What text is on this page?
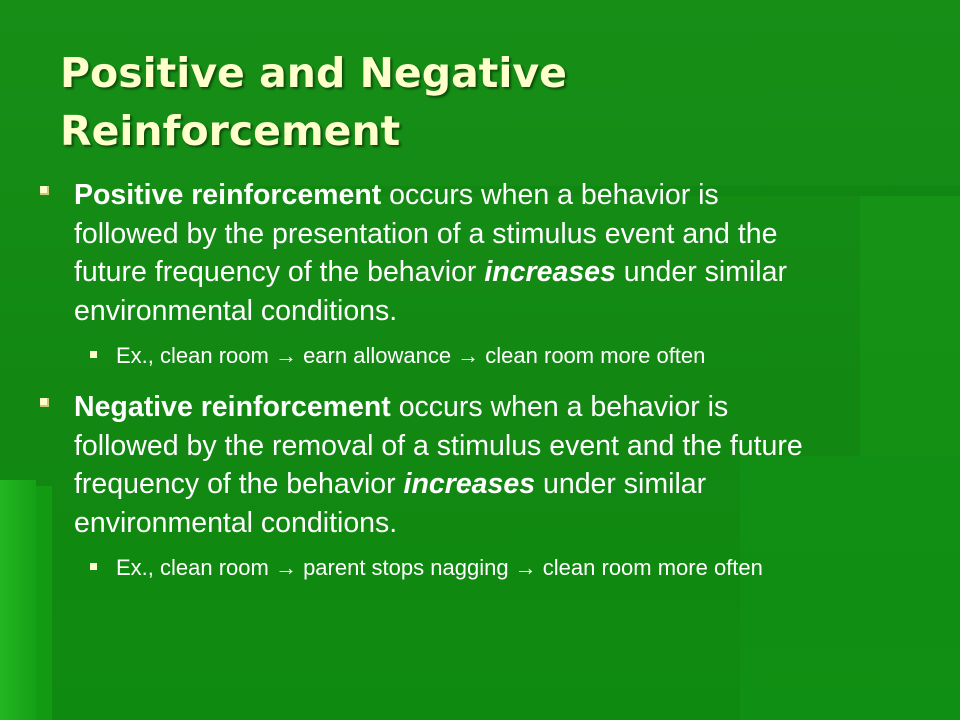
Positive and Negative Reinforcement
Positive reinforcement occurs when a behavior is followed by the presentation of a stimulus event and the future frequency of the behavior increases under similar environmental conditions.
Ex., clean room → earn allowance → clean room more often
Negative reinforcement occurs when a behavior is followed by the removal of a stimulus event and the future frequency of the behavior increases under similar environmental conditions.
Ex., clean room → parent stops nagging → clean room more often
